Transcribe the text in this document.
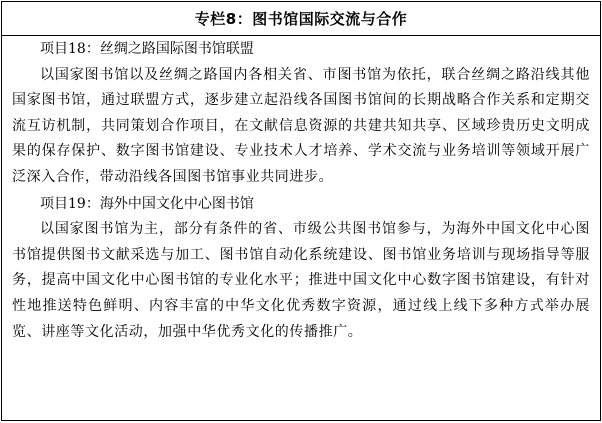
专栏8：图书馆国际交流与合作
项目18：丝绸之路国际图书馆联盟

以国家图书馆以及丝绸之路国内各相关省、市图书馆为依托，联合丝绸之路沿线其他国家图书馆，通过联盟方式，逐步建立起沿线各国图书馆间的长期战略合作关系和定期交流互访机制，共同策划合作项目，在文献信息资源的共建共知共享、区域珍贵历史文明成果的保存保护、数字图书馆建设、专业技术人才培养、学术交流与业务培训等领域开展广泛深入合作，带动沿线各国图书馆事业共同进步。

项目19：海外中国文化中心图书馆

以国家图书馆为主，部分有条件的省、市级公共图书馆参与，为海外中国文化中心图书馆提供图书文献采选与加工、图书馆自动化系统建设、图书馆业务培训与现场指导等服务，提高中国文化中心图书馆的专业化水平；推进中国文化中心数字图书馆建设，有针对性地推送特色鲜明、内容丰富的中华文化优秀数字资源，通过线上线下多种方式举办展览、讲座等文化活动，加强中华优秀文化的传播推广。
